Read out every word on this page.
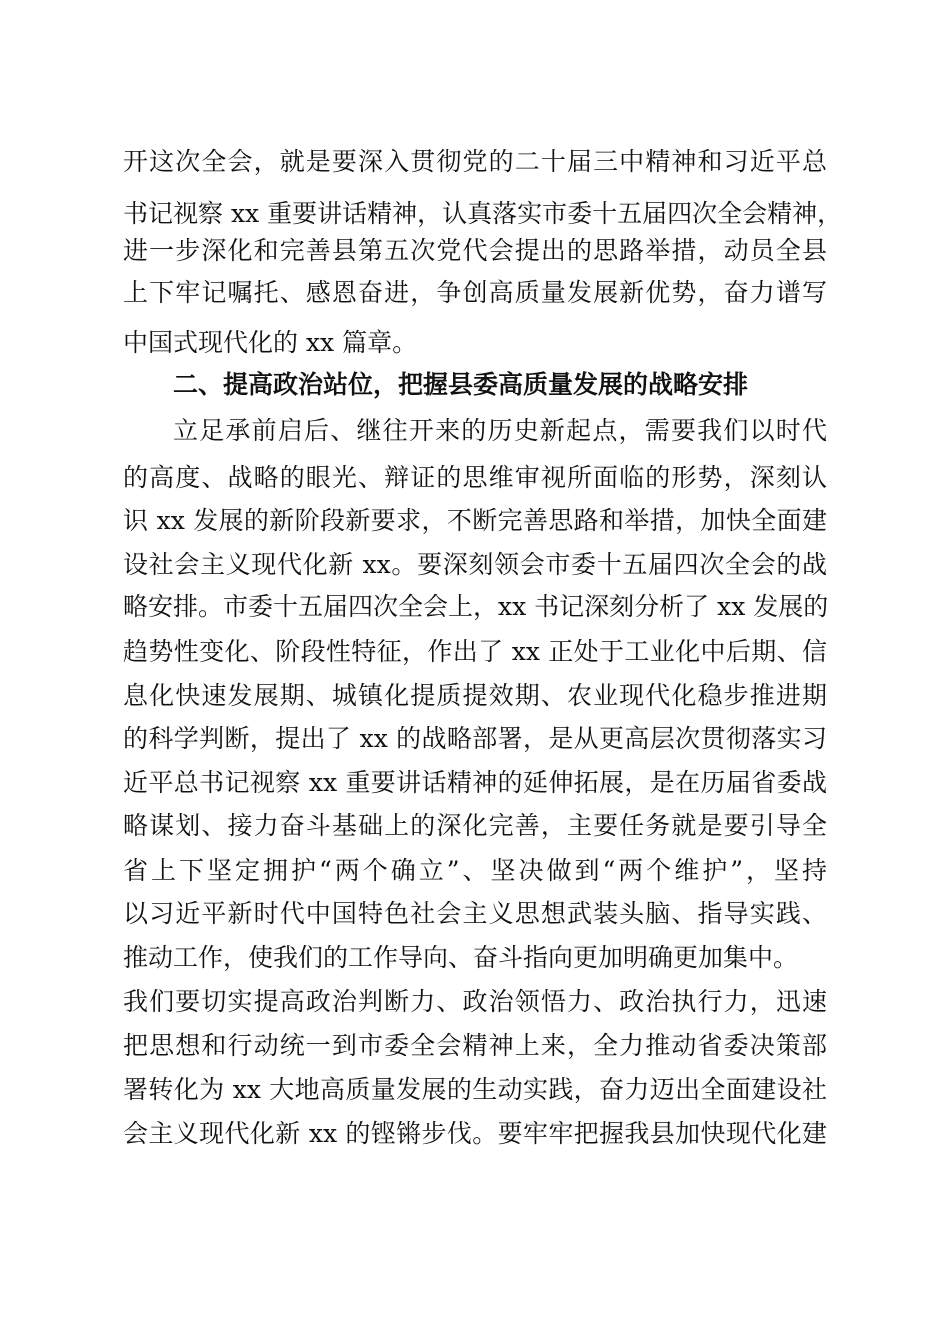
开这次全会，就是要深入贯彻党的二十届三中精神和习近平总

书记视察 xx 重要讲话精神，认真落实市委十五届四次全会精神，

进一步深化和完善县第五次党代会提出的思路举措，动员全县

上下牢记嘱托、感恩奋进，争创高质量发展新优势，奋力谱写

中国式现代化的 xx 篇章。

二、提高政治站位，把握县委高质量发展的战略安排

立足承前启后、继往开来的历史新起点，需要我们以时代

的高度、战略的眼光、辩证的思维审视所面临的形势，深刻认

识 xx 发展的新阶段新要求，不断完善思路和举措，加快全面建

设社会主义现代化新 xx。要深刻领会市委十五届四次全会的战

略安排。市委十五届四次全会上，xx 书记深刻分析了 xx 发展的

趋势性变化、阶段性特征，作出了 xx 正处于工业化中后期、信

息化快速发展期、城镇化提质提效期、农业现代化稳步推进期

的科学判断，提出了 xx 的战略部署，是从更高层次贯彻落实习

近平总书记视察 xx 重要讲话精神的延伸拓展，是在历届省委战

略谋划、接力奋斗基础上的深化完善，主要任务就是要引导全

省上下坚定拥护“两个确立”、坚决做到“两个维护”，坚持

以习近平新时代中国特色社会主义思想武装头脑、指导实践、

推动工作，使我们的工作导向、奋斗指向更加明确更加集中。

我们要切实提高政治判断力、政治领悟力、政治执行力，迅速

把思想和行动统一到市委全会精神上来，全力推动省委决策部

署转化为 xx 大地高质量发展的生动实践，奋力迈出全面建设社

会主义现代化新 xx 的铿锵步伐。要牢牢把握我县加快现代化建
